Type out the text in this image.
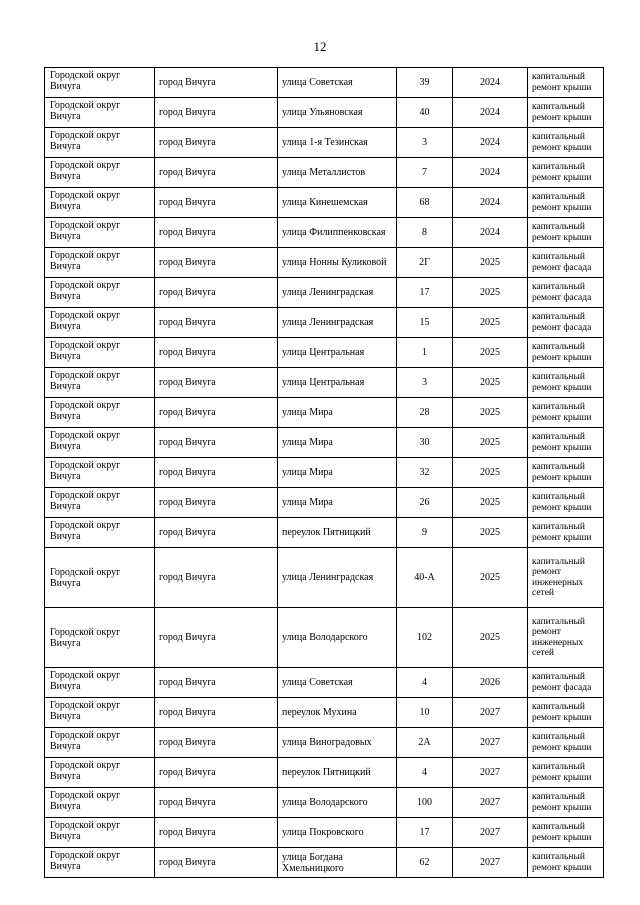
12
Городской округ Вичуга	город Вичуга	улица Советская	39	2024	капитальный ремонт крыши
Городской округ Вичуга	город Вичуга	улица Ульяновская	40	2024	капитальный ремонт крыши
Городской округ Вичуга	город Вичуга	улица 1-я Тезинская	3	2024	капитальный ремонт крыши
Городской округ Вичуга	город Вичуга	улица Металлистов	7	2024	капитальный ремонт крыши
Городской округ Вичуга	город Вичуга	улица Кинешемская	68	2024	капитальный ремонт крыши
Городской округ Вичуга	город Вичуга	улица Филиппенковская	8	2024	капитальный ремонт крыши
Городской округ Вичуга	город Вичуга	улица Нонны Куликовой	2Г	2025	капитальный ремонт фасада
Городской округ Вичуга	город Вичуга	улица Ленинградская	17	2025	капитальный ремонт фасада
Городской округ Вичуга	город Вичуга	улица Ленинградская	15	2025	капитальный ремонт фасада
Городской округ Вичуга	город Вичуга	улица Центральная	1	2025	капитальный ремонт крыши
Городской округ Вичуга	город Вичуга	улица Центральная	3	2025	капитальный ремонт крыши
Городской округ Вичуга	город Вичуга	улица Мира	28	2025	капитальный ремонт крыши
Городской округ Вичуга	город Вичуга	улица Мира	30	2025	капитальный ремонт крыши
Городской округ Вичуга	город Вичуга	улица Мира	32	2025	капитальный ремонт крыши
Городской округ Вичуга	город Вичуга	улица Мира	26	2025	капитальный ремонт крыши
Городской округ Вичуга	город Вичуга	переулок Пятницкий	9	2025	капитальный ремонт крыши
Городской округ Вичуга	город Вичуга	улица Ленинградская	40-А	2025	капитальный ремонт инженерных сетей
Городской округ Вичуга	город Вичуга	улица Володарского	102	2025	капитальный ремонт инженерных сетей
Городской округ Вичуга	город Вичуга	улица Советская	4	2026	капитальный ремонт фасада
Городской округ Вичуга	город Вичуга	переулок Мухина	10	2027	капитальный ремонт крыши
Городской округ Вичуга	город Вичуга	улица Виноградовых	2А	2027	капитальный ремонт крыши
Городской округ Вичуга	город Вичуга	переулок Пятницкий	4	2027	капитальный ремонт крыши
Городской округ Вичуга	город Вичуга	улица Володарского	100	2027	капитальный ремонт крыши
Городской округ Вичуга	город Вичуга	улица Покровского	17	2027	капитальный ремонт крыши
Городской округ Вичуга	город Вичуга	улица Богдана Хмельницкого	62	2027	капитальный ремонт крыши
